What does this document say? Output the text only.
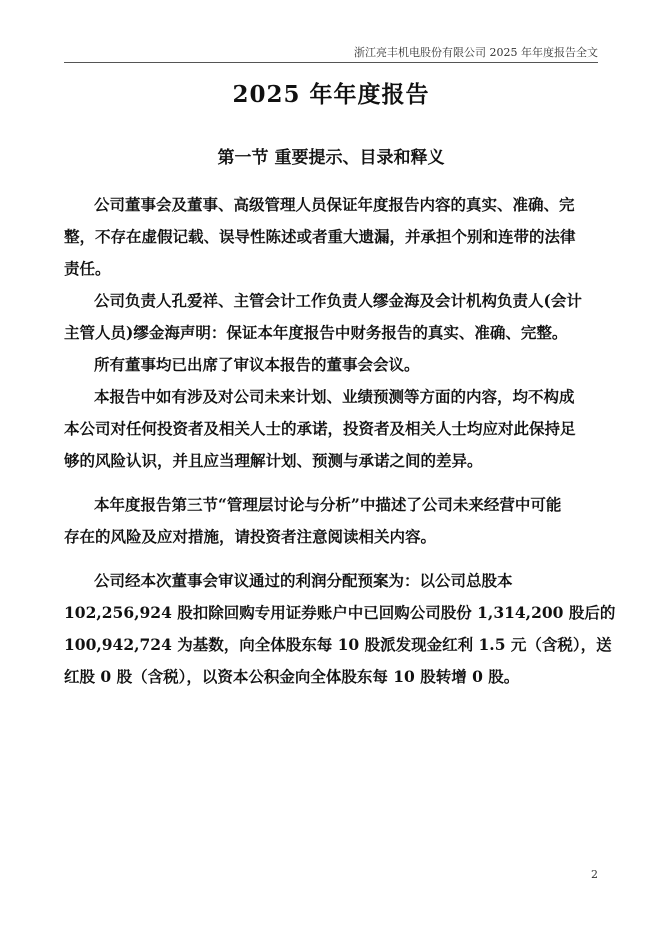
浙江亮丰机电股份有限公司 2025 年年度报告全文
2025 年年度报告
第一节 重要提示、目录和释义
公司董事会及董事、高级管理人员保证年度报告内容的真实、准确、完
整，不存在虚假记载、误导性陈述或者重大遗漏，并承担个别和连带的法律
责任。
公司负责人孔爱祥、主管会计工作负责人缪金海及会计机构负责人(会计
主管人员)缪金海声明：保证本年度报告中财务报告的真实、准确、完整。
所有董事均已出席了审议本报告的董事会会议。
本报告中如有涉及对公司未来计划、业绩预测等方面的内容，均不构成
本公司对任何投资者及相关人士的承诺，投资者及相关人士均应对此保持足
够的风险认识，并且应当理解计划、预测与承诺之间的差异。
本年度报告第三节“管理层讨论与分析”中描述了公司未来经营中可能
存在的风险及应对措施，请投资者注意阅读相关内容。
公司经本次董事会审议通过的利润分配预案为：以公司总股本
102,256,924 股扣除回购专用证券账户中已回购公司股份 1,314,200 股后的
100,942,724 为基数，向全体股东每 10 股派发现金红利 1.5 元（含税），送
红股 0 股（含税），以资本公积金向全体股东每 10 股转增 0 股。
2
